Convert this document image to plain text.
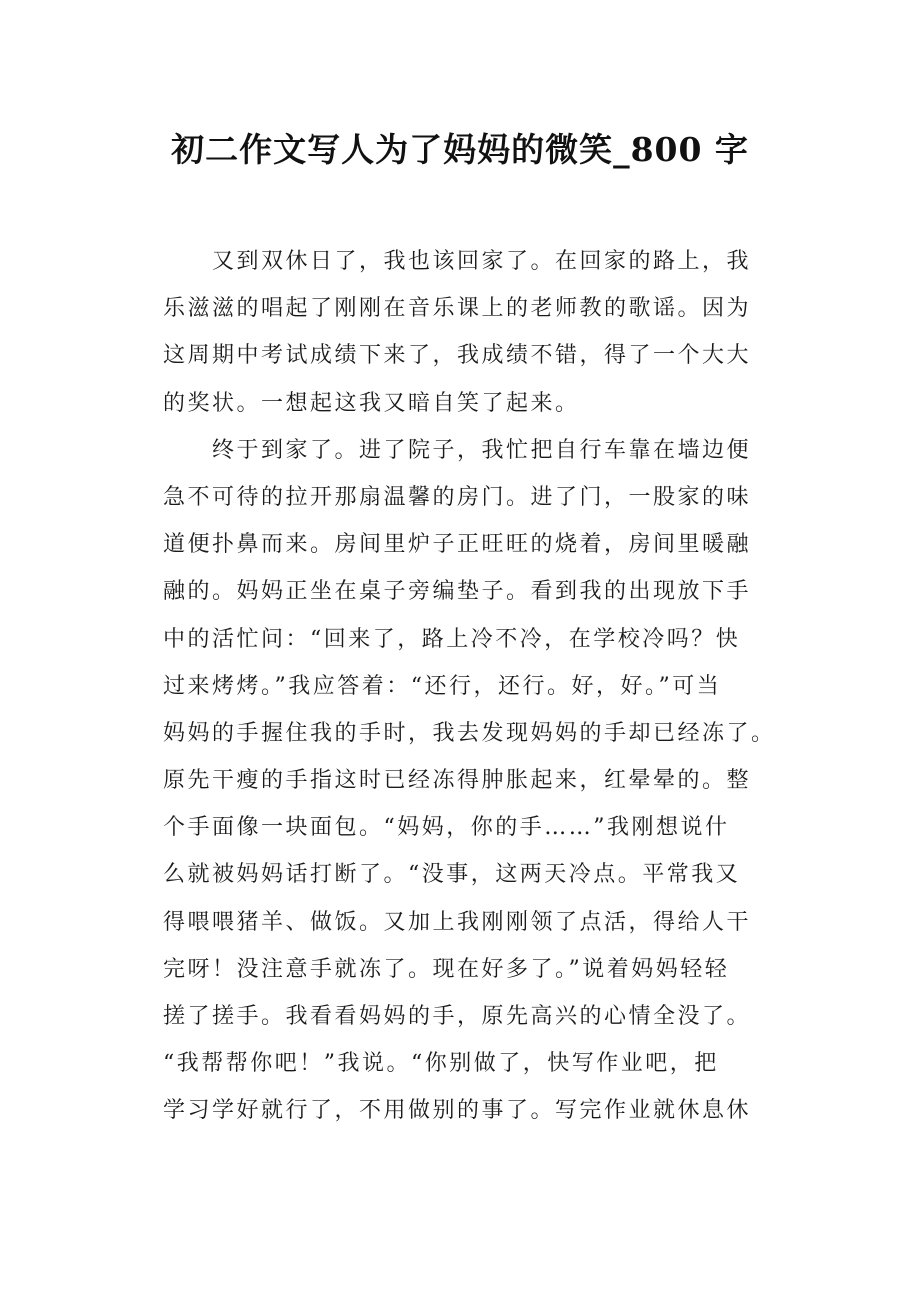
初二作文写人为了妈妈的微笑_800 字
　　又到双休日了，我也该回家了。在回家的路上，我
乐滋滋的唱起了刚刚在音乐课上的老师教的歌谣。因为
这周期中考试成绩下来了，我成绩不错，得了一个大大
的奖状。一想起这我又暗自笑了起来。
　　终于到家了。进了院子，我忙把自行车靠在墙边便
急不可待的拉开那扇温馨的房门。进了门，一股家的味
道便扑鼻而来。房间里炉子正旺旺的烧着，房间里暖融
融的。妈妈正坐在桌子旁编垫子。看到我的出现放下手
中的活忙问：“回来了，路上冷不冷，在学校冷吗？快
过来烤烤。”我应答着：“还行，还行。好，好。”可当
妈妈的手握住我的手时，我去发现妈妈的手却已经冻了。
原先干瘦的手指这时已经冻得肿胀起来，红晕晕的。整
个手面像一块面包。“妈妈，你的手……”我刚想说什
么就被妈妈话打断了。“没事，这两天冷点。平常我又
得喂喂猪羊、做饭。又加上我刚刚领了点活，得给人干
完呀！没注意手就冻了。现在好多了。”说着妈妈轻轻
搓了搓手。我看看妈妈的手，原先高兴的心情全没了。
“我帮帮你吧！”我说。“你别做了，快写作业吧，把
学习学好就行了，不用做别的事了。写完作业就休息休
